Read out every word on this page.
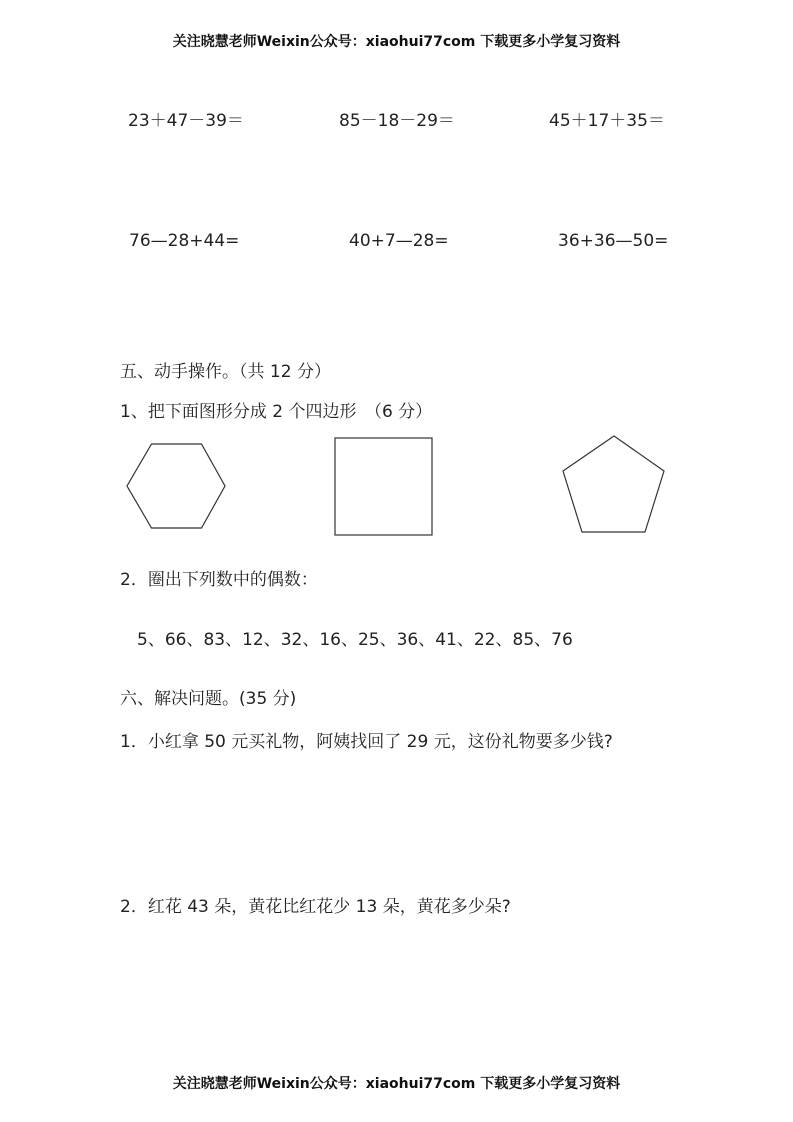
关注晓慧老师Weixin公众号：xiaohui77com 下载更多小学复习资料
23＋47－39＝	85－18－29＝	45＋17＋35＝
76—28+44=	40+7—28=	36+36—50=
五、动手操作。（共 12 分）
1、把下面图形分成 2 个四边形　（6 分）
2．圈出下列数中的偶数：
5、66、83、12、32、16、25、36、41、22、85、76
六、解决问题。(35 分)
1．小红拿 50 元买礼物，阿姨找回了 29 元，这份礼物要多少钱?
2．红花 43 朵，黄花比红花少 13 朵，黄花多少朵?
关注晓慧老师Weixin公众号：xiaohui77com 下载更多小学复习资料
